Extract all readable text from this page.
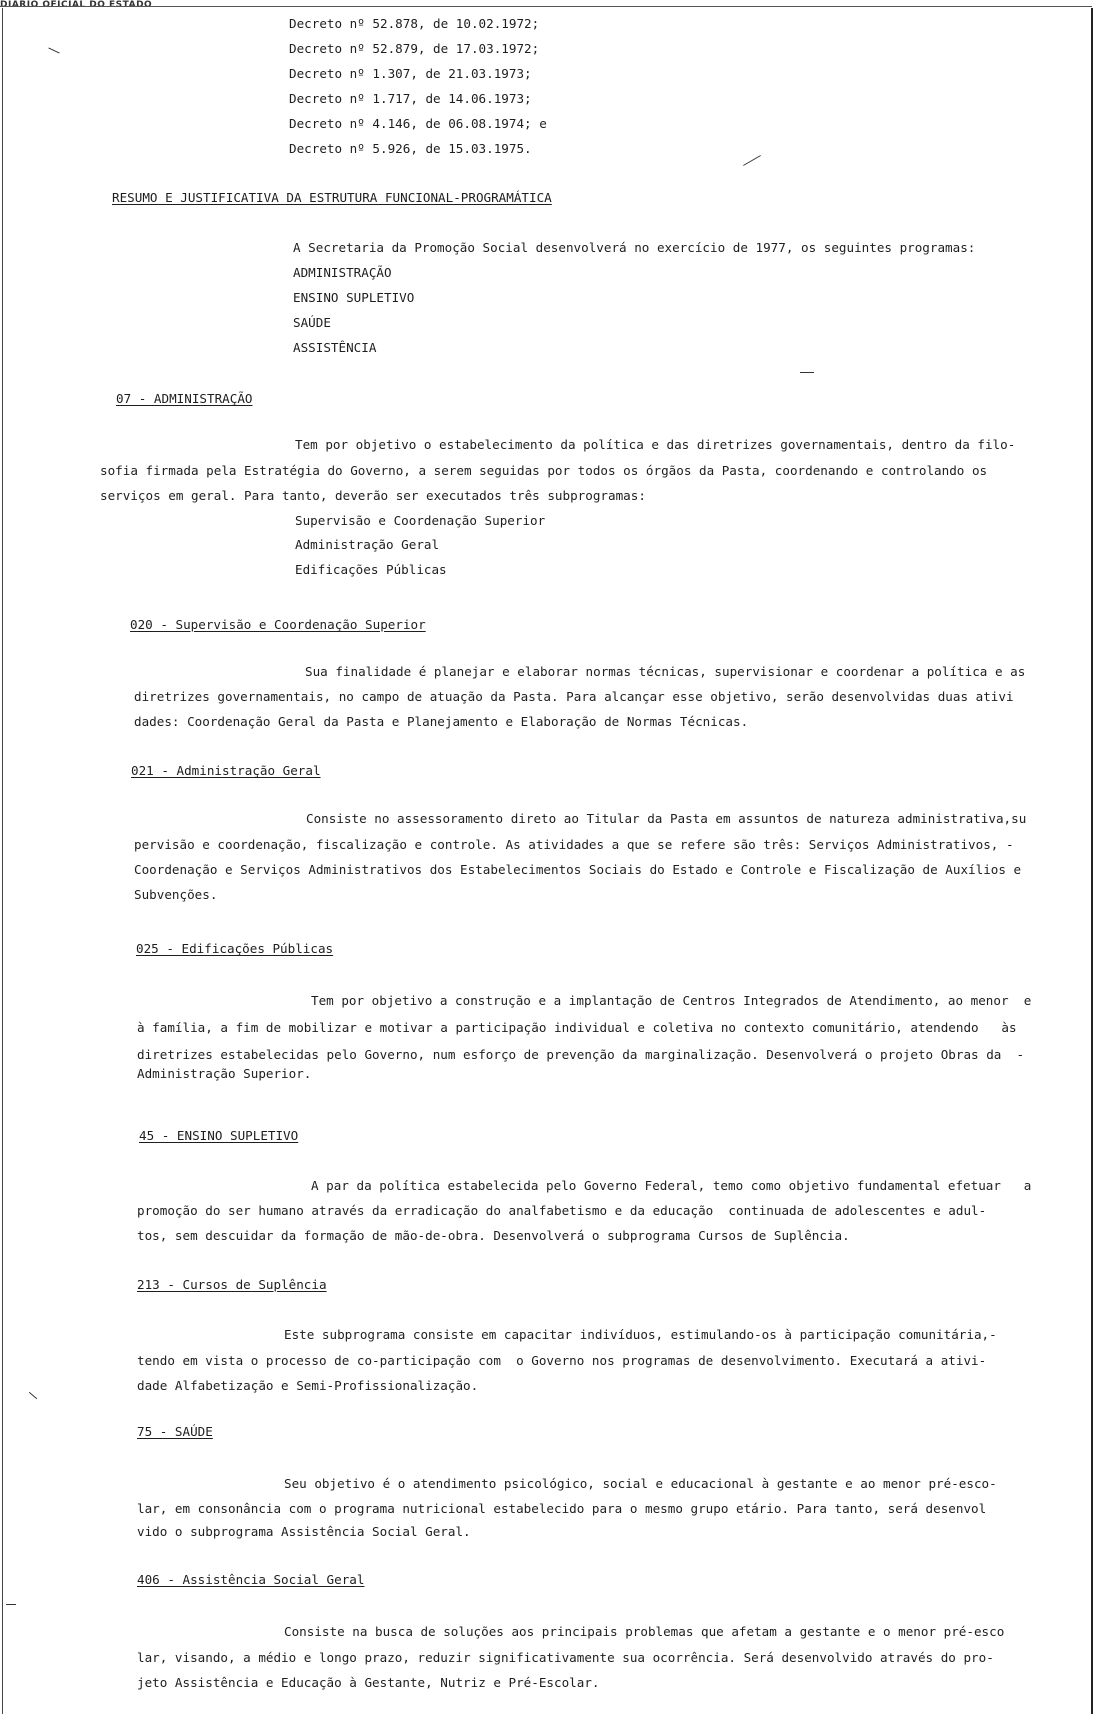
DIÁRIO OFICIAL DO ESTADO
Decreto nº 52.878, de 10.02.1972;
Decreto nº 52.879, de 17.03.1972;
Decreto nº 1.307, de 21.03.1973;
Decreto nº 1.717, de 14.06.1973;
Decreto nº 4.146, de 06.08.1974; e
Decreto nº 5.926, de 15.03.1975.
RESUMO E JUSTIFICATIVA DA ESTRUTURA FUNCIONAL-PROGRAMÁTICA
A Secretaria da Promoção Social desenvolverá no exercício de 1977, os seguintes programas:
ADMINISTRAÇÃO
ENSINO SUPLETIVO
SAÚDE
ASSISTÊNCIA
07 - ADMINISTRAÇÃO
Tem por objetivo o estabelecimento da política e das diretrizes governamentais, dentro da filo-
sofia firmada pela Estratégia do Governo, a serem seguidas por todos os órgãos da Pasta, coordenando e controlando os
serviços em geral. Para tanto, deverão ser executados três subprogramas:
Supervisão e Coordenação Superior
Administração Geral
Edificações Públicas
020 - Supervisão e Coordenação Superior
Sua finalidade é planejar e elaborar normas técnicas, supervisionar e coordenar a política e as
diretrizes governamentais, no campo de atuação da Pasta. Para alcançar esse objetivo, serão desenvolvidas duas ativi
dades: Coordenação Geral da Pasta e Planejamento e Elaboração de Normas Técnicas.
021 - Administração Geral
Consiste no assessoramento direto ao Titular da Pasta em assuntos de natureza administrativa,su
pervisão e coordenação, fiscalização e controle. As atividades a que se refere são três: Serviços Administrativos, -
Coordenação e Serviços Administrativos dos Estabelecimentos Sociais do Estado e Controle e Fiscalização de Auxílios e
Subvenções.
025 - Edificações Públicas
Tem por objetivo a construção e a implantação de Centros Integrados de Atendimento, ao menor  e
à família, a fim de mobilizar e motivar a participação individual e coletiva no contexto comunitário, atendendo   às
diretrizes estabelecidas pelo Governo, num esforço de prevenção da marginalização. Desenvolverá o projeto Obras da  -
Administração Superior.
45 - ENSINO SUPLETIVO
A par da política estabelecida pelo Governo Federal, temo como objetivo fundamental efetuar   a
promoção do ser humano através da erradicação do analfabetismo e da educação  continuada de adolescentes e adul-
tos, sem descuidar da formação de mão-de-obra. Desenvolverá o subprograma Cursos de Suplência.
213 - Cursos de Suplência
Este subprograma consiste em capacitar indivíduos, estimulando-os à participação comunitária,-
tendo em vista o processo de co-participação com  o Governo nos programas de desenvolvimento. Executará a ativi-
dade Alfabetização e Semi-Profissionalização.
75 - SAÚDE
Seu objetivo é o atendimento psicológico, social e educacional à gestante e ao menor pré-esco-
lar, em consonância com o programa nutricional estabelecido para o mesmo grupo etário. Para tanto, será desenvol
vido o subprograma Assistência Social Geral.
406 - Assistência Social Geral
Consiste na busca de soluções aos principais problemas que afetam a gestante e o menor pré-esco
lar, visando, a médio e longo prazo, reduzir significativamente sua ocorrência. Será desenvolvido através do pro-
jeto Assistência e Educação à Gestante, Nutriz e Pré-Escolar.
